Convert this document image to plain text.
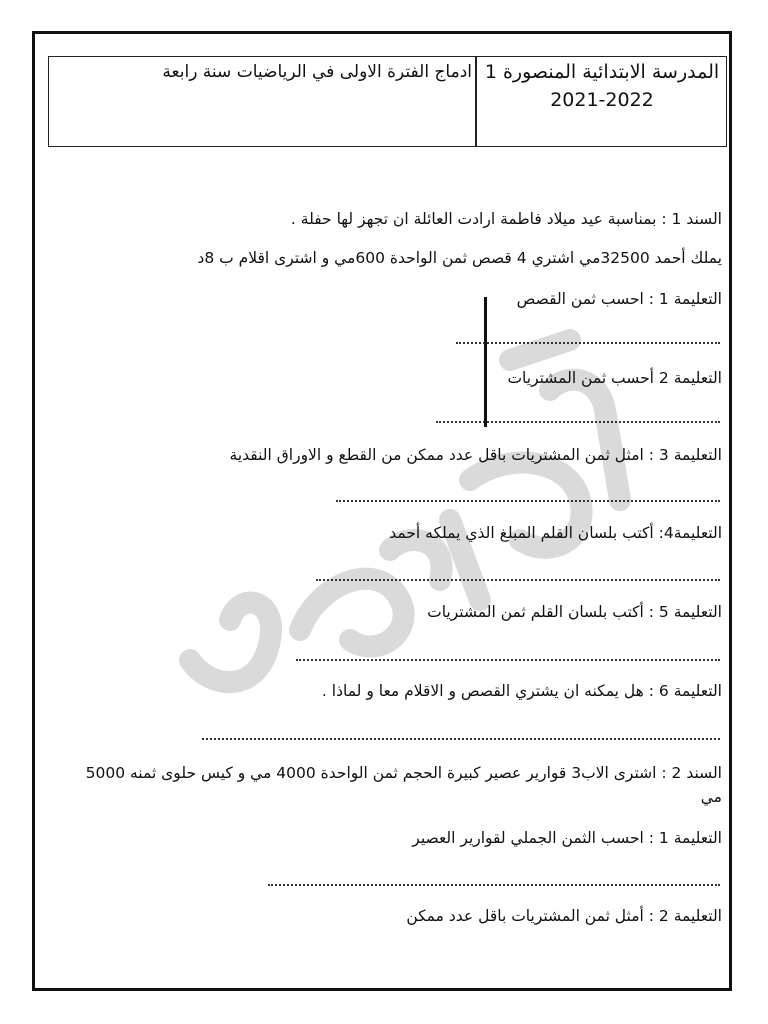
المدرسة الابتدائية المنصورة 1
2021-2022
ادماج الفترة الاولى في الرياضيات سنة رابعة
السند 1 : بمناسبة عيد ميلاد فاطمة ارادت العائلة ان تجهز لها حفلة .
يملك أحمد 32500مي اشتري 4 قصص ثمن الواحدة 600مي و اشترى اقلام ب 8د
التعليمة 1 : احسب ثمن القصص
التعليمة 2 أحسب ثمن المشتريات
التعليمة 3 : امثل ثمن المشتريات باقل عدد ممكن من القطع و الاوراق النقدية
التعليمة4: أكتب بلسان القلم المبلغ الذي يملكه أحمد
التعليمة 5 : أكتب بلسان القلم ثمن المشتريات
التعليمة 6 : هل يمكنه ان يشتري القصص و الاقلام معا و لماذا .
السند 2 : اشترى الاب3 قوارير عصير كبيرة الحجم ثمن الواحدة 4000 مي و كيس حلوى ثمنه 5000 مي
التعليمة 1 : احسب الثمن الجملي لقوارير العصير
التعليمة 2 : أمثل ثمن المشتريات باقل عدد ممكن
